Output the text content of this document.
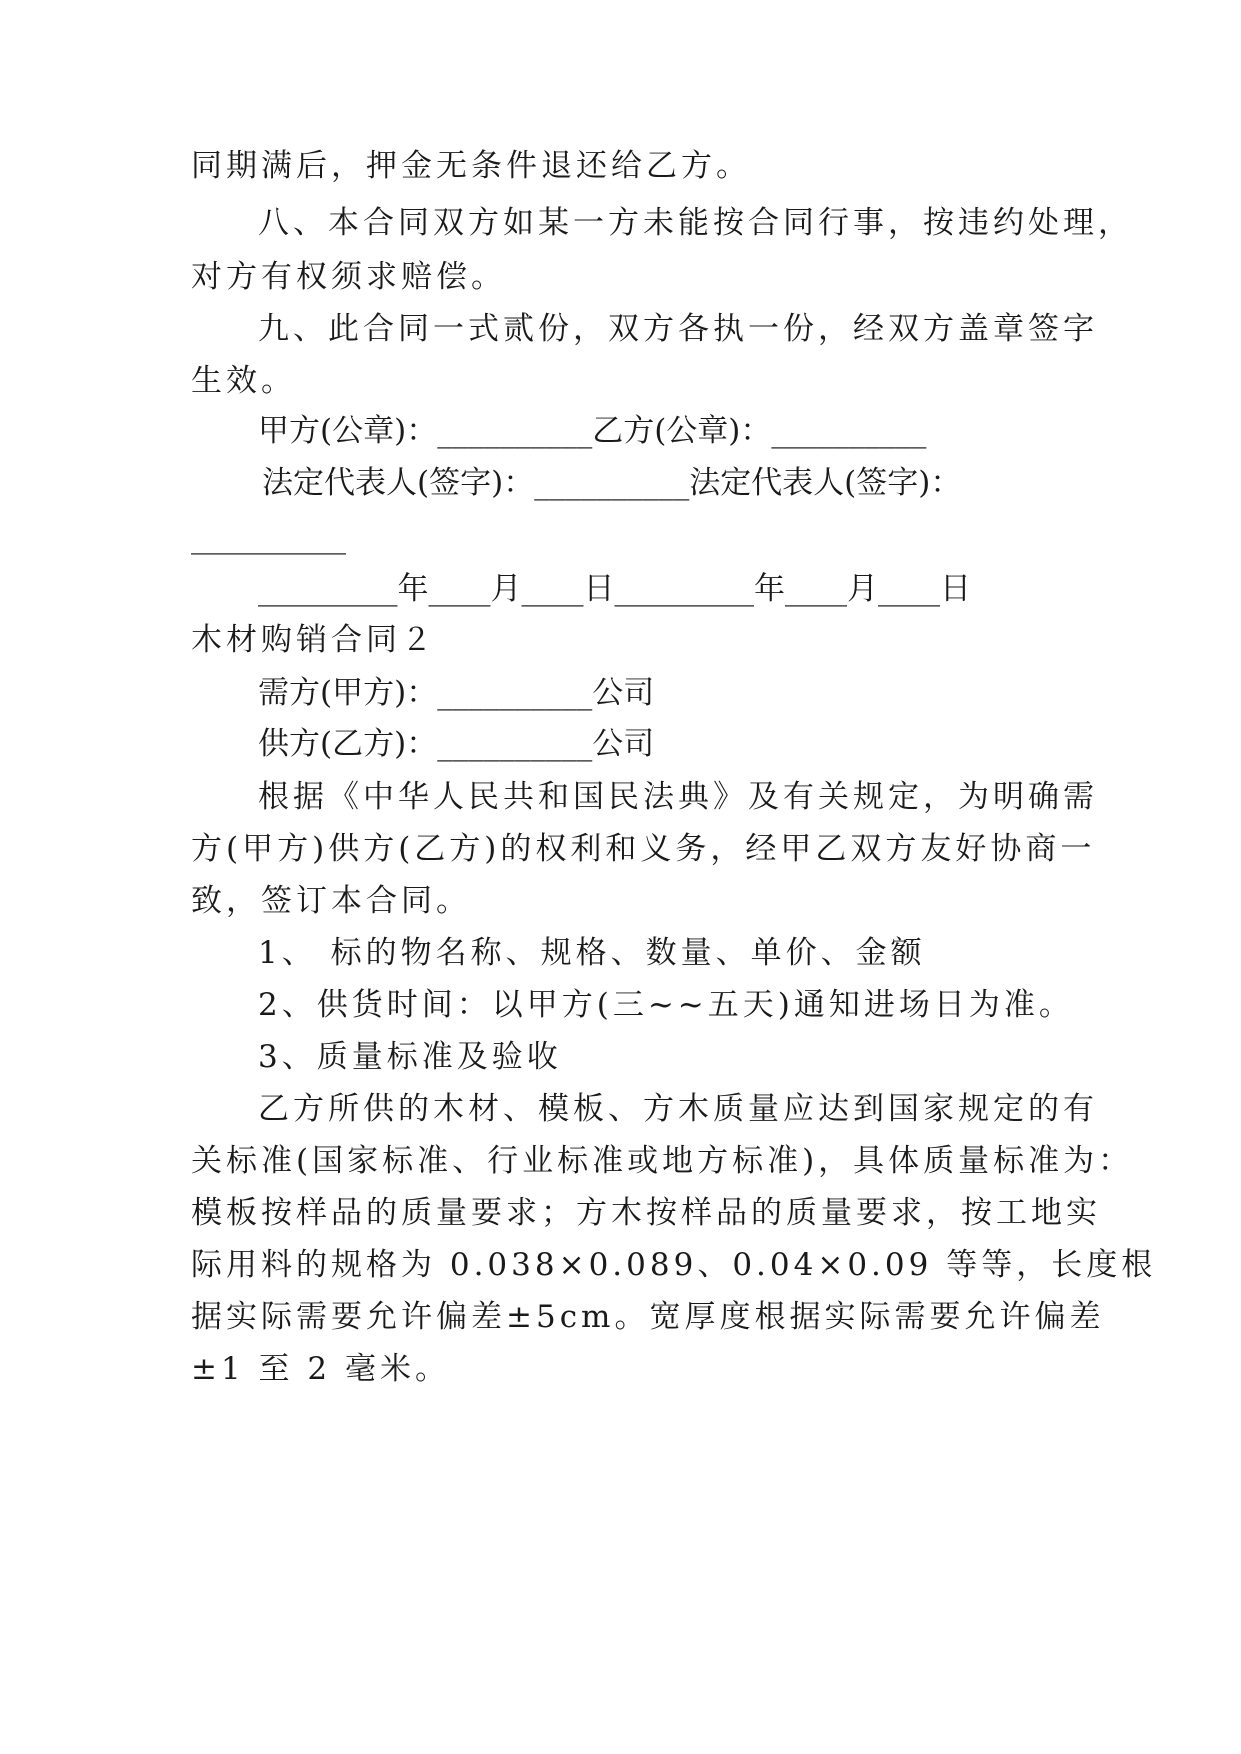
同期满后，押金无条件退还给乙方。
八、本合同双方如某一方未能按合同行事，按违约处理，
对方有权须求赔偿。
九、此合同一式贰份，双方各执一份，经双方盖章签字
生效。
甲方(公章)：__________乙方(公章)：__________
法定代表人(签字)：__________法定代表人(签字)：
__________
_________年____月____日_________年____月____日
木材购销合同２
需方(甲方)：__________公司
供方(乙方)：__________公司
根据《中华人民共和国民法典》及有关规定，为明确需
方(甲方)供方(乙方)的权利和义务，经甲乙双方友好协商一
致，签订本合同。
1、 标的物名称、规格、数量、单价、金额
2、供货时间：以甲方(三~~五天)通知进场日为准。
3、质量标准及验收
乙方所供的木材、模板、方木质量应达到国家规定的有
关标准(国家标准、行业标准或地方标准)，具体质量标准为：
模板按样品的质量要求；方木按样品的质量要求，按工地实
际用料的规格为 0.038×0.089、0.04×0.09 等等，长度根
据实际需要允许偏差±5cm。宽厚度根据实际需要允许偏差
±1 至 2 毫米。
